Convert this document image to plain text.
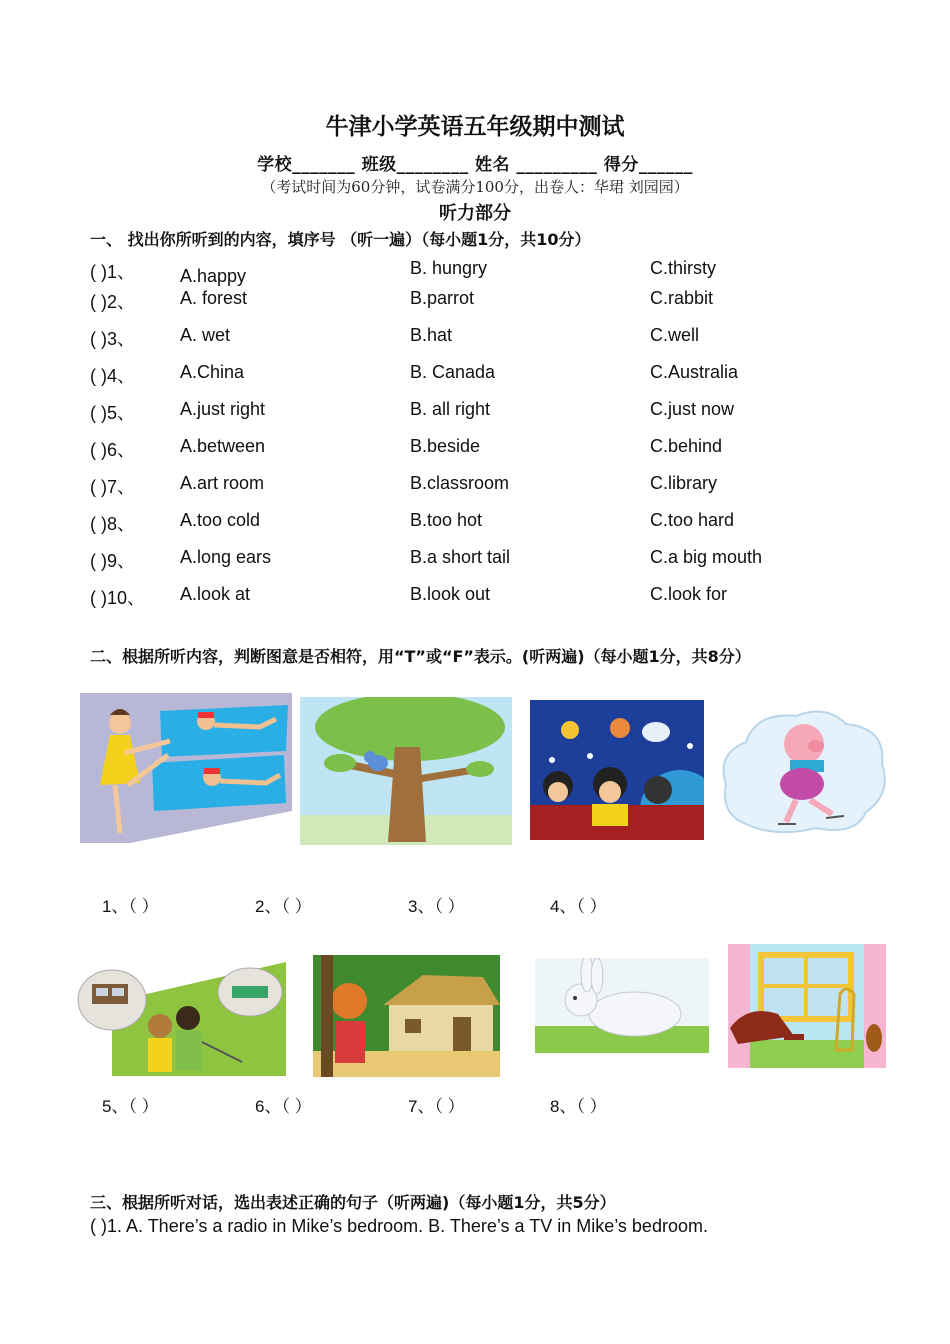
牛津小学英语五年级期中测试
学校_______ 班级________ 姓名 _________ 得分______
（考试时间为60分钟，试卷满分100分，出卷人：华珺 刘园园）
听力部分
一、 找出你所听到的内容，填序号 （听一遍）（每小题1分，共10分）
( )1、	A.happy	B. hungry	C.thirsty
( )2、	A. forest	B.parrot	C.rabbit
( )3、	A. wet	B.hat	C.well
( )4、	A.China	B. Canada	C.Australia
( )5、	A.just right	B. all right	C.just now
( )6、	A.between	B.beside	C.behind
( )7、	A.art room	B.classroom	C.library
( )8、	A.too cold	B.too hot	C.too hard
( )9、	A.long ears	B.a short tail	C.a big mouth
( )10、 A.look at	B.look out	C.look for
二、根据所听内容，判断图意是否相符，用“T”或“F”表示。(听两遍)（每小题1分，共8分）
1、（ ）	2、（ ）	3、（ ）	4、（ ）
5、（ ）	6、（ ）	7、（ ）	8、（ ）
三、根据所听对话，选出表述正确的句子（听两遍)（每小题1分，共5分）
( )1. A. There’s a radio in Mike’s bedroom. B. There’s a TV in Mike’s bedroom.
